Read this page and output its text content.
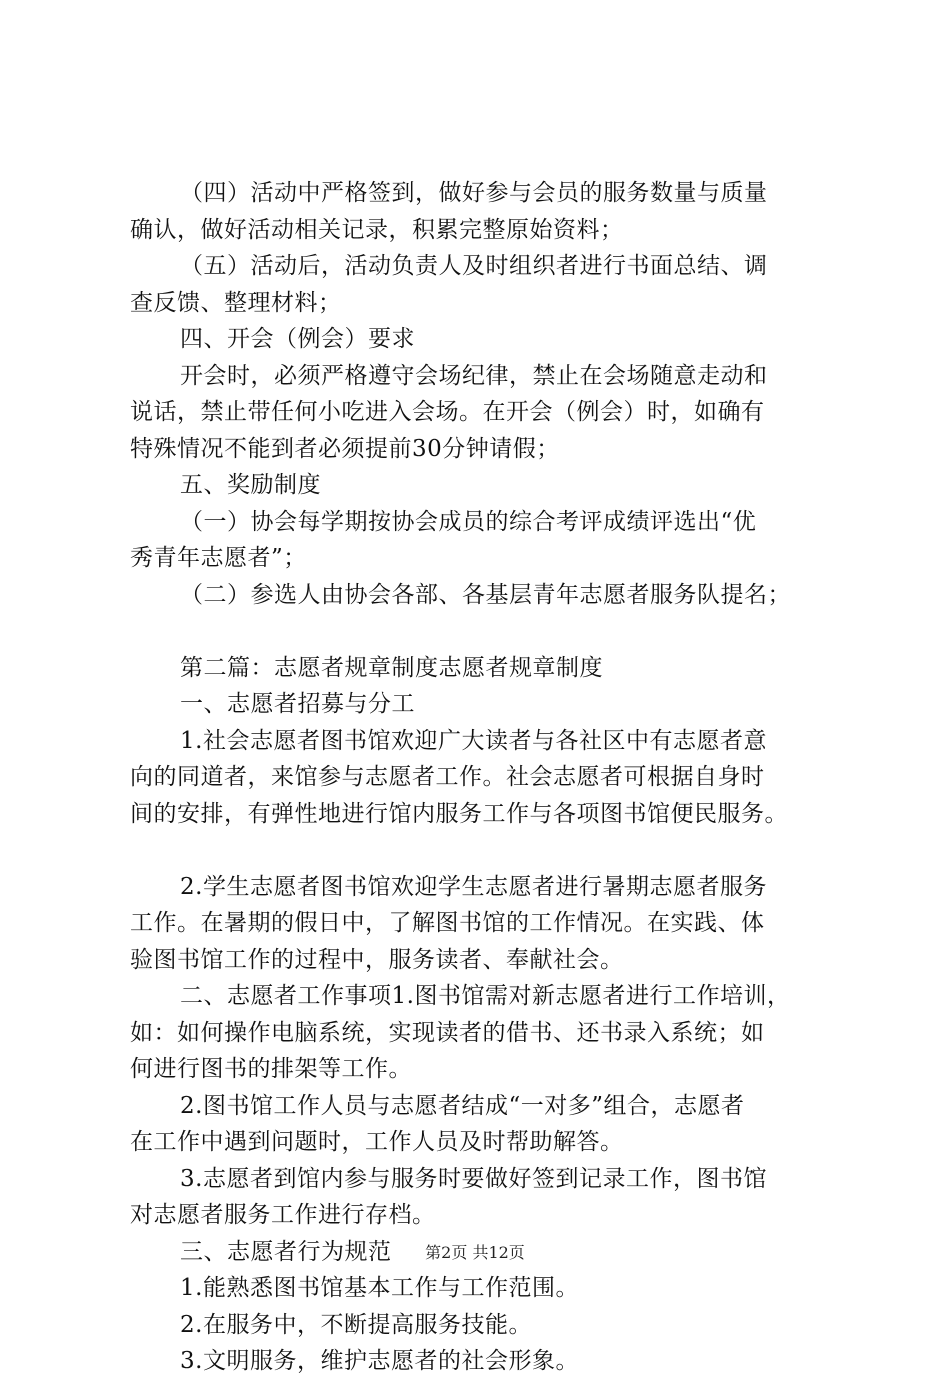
（四）活动中严格签到，做好参与会员的服务数量与质量
确认，做好活动相关记录，积累完整原始资料；
（五）活动后，活动负责人及时组织者进行书面总结、调
查反馈、整理材料；
四、开会（例会）要求
开会时，必须严格遵守会场纪律，禁止在会场随意走动和
说话，禁止带任何小吃进入会场。在开会（例会）时，如确有
特殊情况不能到者必须提前30分钟请假；
五、奖励制度
（一）协会每学期按协会成员的综合考评成绩评选出“优
秀青年志愿者”；
（二）参选人由协会各部、各基层青年志愿者服务队提名；
第二篇：志愿者规章制度志愿者规章制度
一、志愿者招募与分工
1.社会志愿者图书馆欢迎广大读者与各社区中有志愿者意
向的同道者，来馆参与志愿者工作。社会志愿者可根据自身时
间的安排，有弹性地进行馆内服务工作与各项图书馆便民服务。
2.学生志愿者图书馆欢迎学生志愿者进行暑期志愿者服务
工作。在暑期的假日中，了解图书馆的工作情况。在实践、体
验图书馆工作的过程中，服务读者、奉献社会。
二、志愿者工作事项1.图书馆需对新志愿者进行工作培训，
如：如何操作电脑系统，实现读者的借书、还书录入系统；如
何进行图书的排架等工作。
2.图书馆工作人员与志愿者结成“一对多”组合，志愿者
在工作中遇到问题时，工作人员及时帮助解答。
3.志愿者到馆内参与服务时要做好签到记录工作，图书馆
对志愿者服务工作进行存档。
三、志愿者行为规范
1.能熟悉图书馆基本工作与工作范围。
2.在服务中，不断提高服务技能。
3.文明服务，维护志愿者的社会形象。
第2页 共12页
